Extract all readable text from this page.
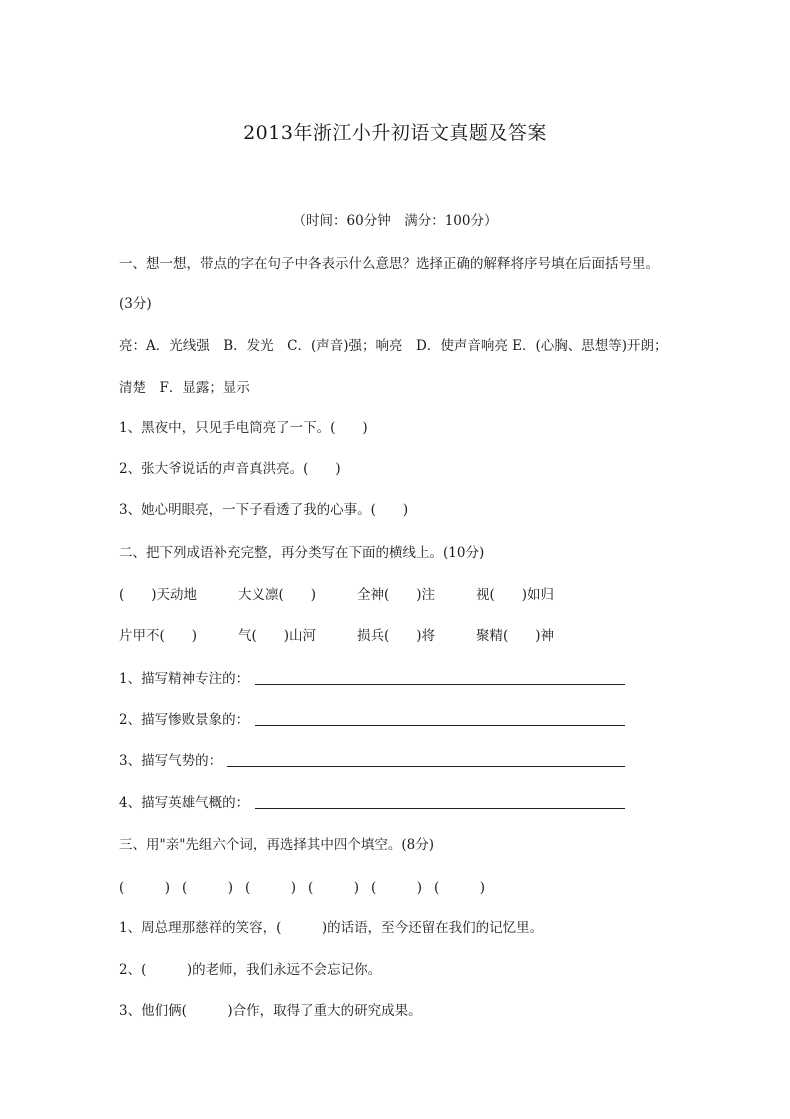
2013年浙江小升初语文真题及答案
（时间：60分钟　满分：100分）
一、想一想，带点的字在句子中各表示什么意思？选择正确的解释将序号填在后面括号里。
(3分)
亮：A．光线强　B．发光　C．(声音)强；响亮　D．使声音响亮 E．(心胸、思想等)开朗；
清楚　F．显露；显示
1、黑夜中，只见手电筒亮了一下。(　　)
2、张大爷说话的声音真洪亮。(　　)
3、她心明眼亮，一下子看透了我的心事。(　　)
二、把下列成语补充完整，再分类写在下面的横线上。(10分)
(　　)天动地	大义凛(　　)	全神(　　)注	视(　　)如归
片甲不(　　)	气(　　)山河	损兵(　　)将	聚精(　　)神
1、描写精神专注的：
2、描写惨败景象的：
3、描写气势的：
4、描写英雄气概的：
三、用"亲"先组六个词，再选择其中四个填空。(8分)
(　　　) (　　　) (　　　) (　　　) (　　　) (　　　)
1、周总理那慈祥的笑容，(　　　)的话语，至今还留在我们的记忆里。
2、(　　　)的老师，我们永远不会忘记你。
3、他们俩(　　　)合作，取得了重大的研究成果。
